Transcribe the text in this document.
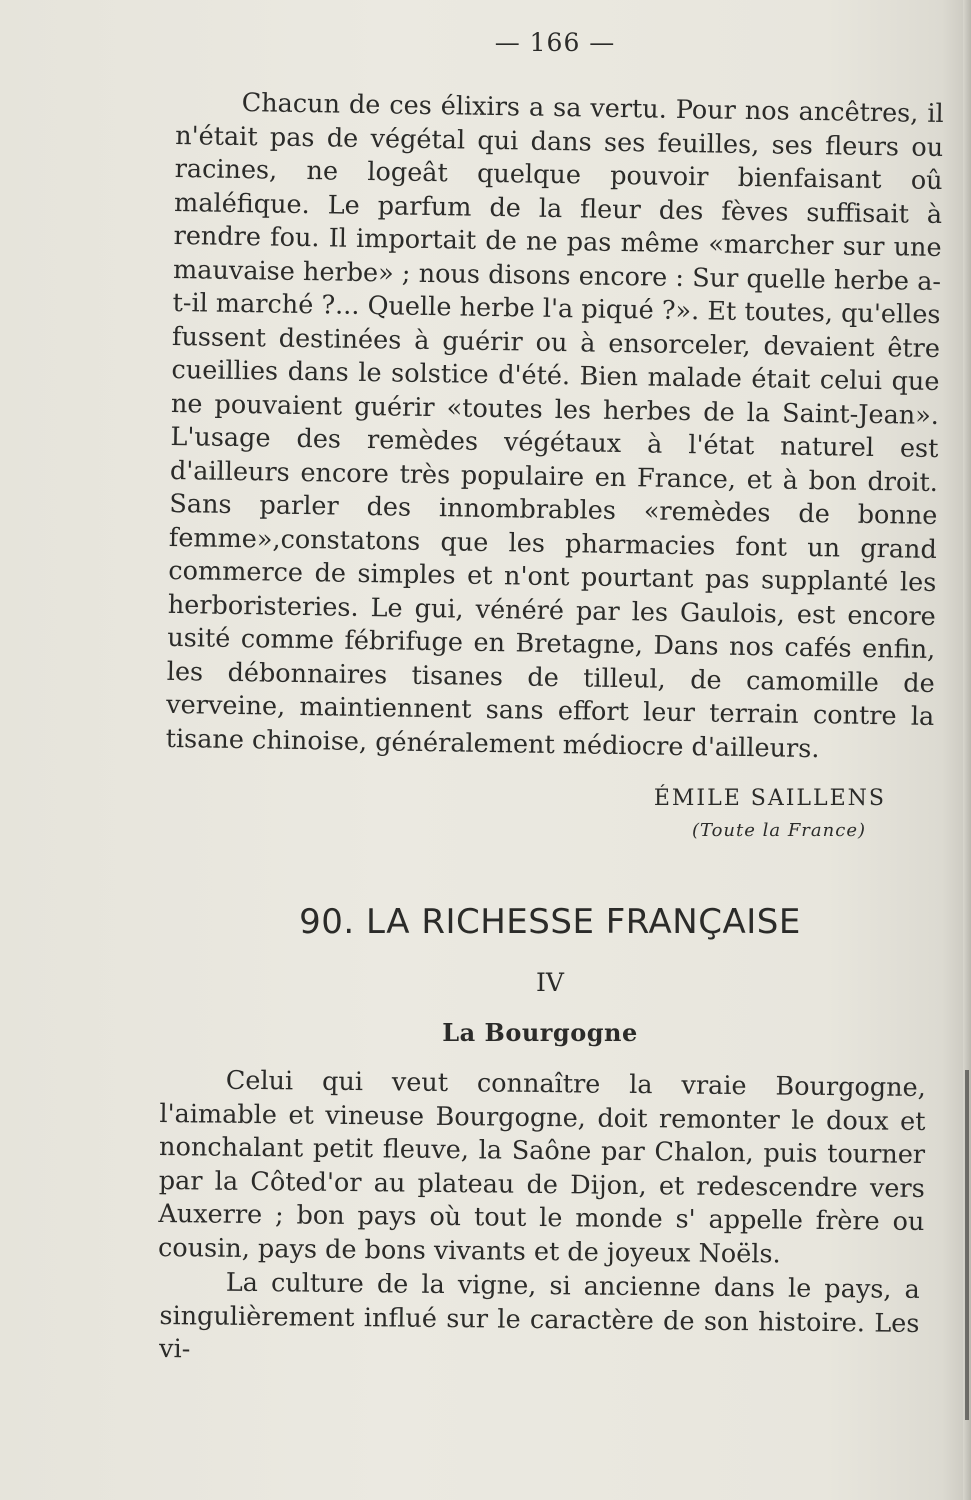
— 166 —

Chacun de ces élixirs a sa vertu. Pour nos ancêtres, il n'était pas de végétal qui dans ses feuilles, ses fleurs ou racines, ne logeât quelque pouvoir bienfaisant oû maléfique. Le parfum de la fleur des fèves suffisait à rendre fou. Il importait de ne pas même «marcher sur une mauvaise herbe» ; nous disons encore : Sur quelle herbe a-t-il marché ?... Quelle herbe l'a piqué ?». Et toutes, qu'elles fussent destinées à guérir ou à ensorceler, devaient être cueillies dans le solstice d'été. Bien malade était celui que ne pouvaient guérir «toutes les herbes de la Saint-Jean». L'usage des remèdes végétaux à l'état naturel est d'ailleurs encore très populaire en France, et à bon droit. Sans parler des innombrables «remèdes de bonne femme»,constatons que les pharmacies font un grand commerce de simples et n'ont pourtant pas supplanté les herboristeries. Le gui, vénéré par les Gaulois, est encore usité comme fébrifuge en Bretagne, Dans nos cafés enfin, les débonnaires tisanes de tilleul, de camomille de verveine, maintiennent sans effort leur terrain contre la tisane chinoise, généralement médiocre d'ailleurs.

ÉMILE SAILLENS
(Toute la France)
90. LA RICHESSE FRANÇAISE
IV
La Bourgogne

Celui qui veut connaître la vraie Bourgogne, l'aimable et vineuse Bourgogne, doit remonter le doux et nonchalant petit fleuve, la Saône par Chalon, puis tourner par la Côted'or au plateau de Dijon, et redescendre vers Auxerre ; bon pays où tout le monde s' appelle frère ou cousin, pays de bons vivants et de joyeux Noëls.

La culture de la vigne, si ancienne dans le pays, a singulièrement influé sur le caractère de son histoire. Les vi-
